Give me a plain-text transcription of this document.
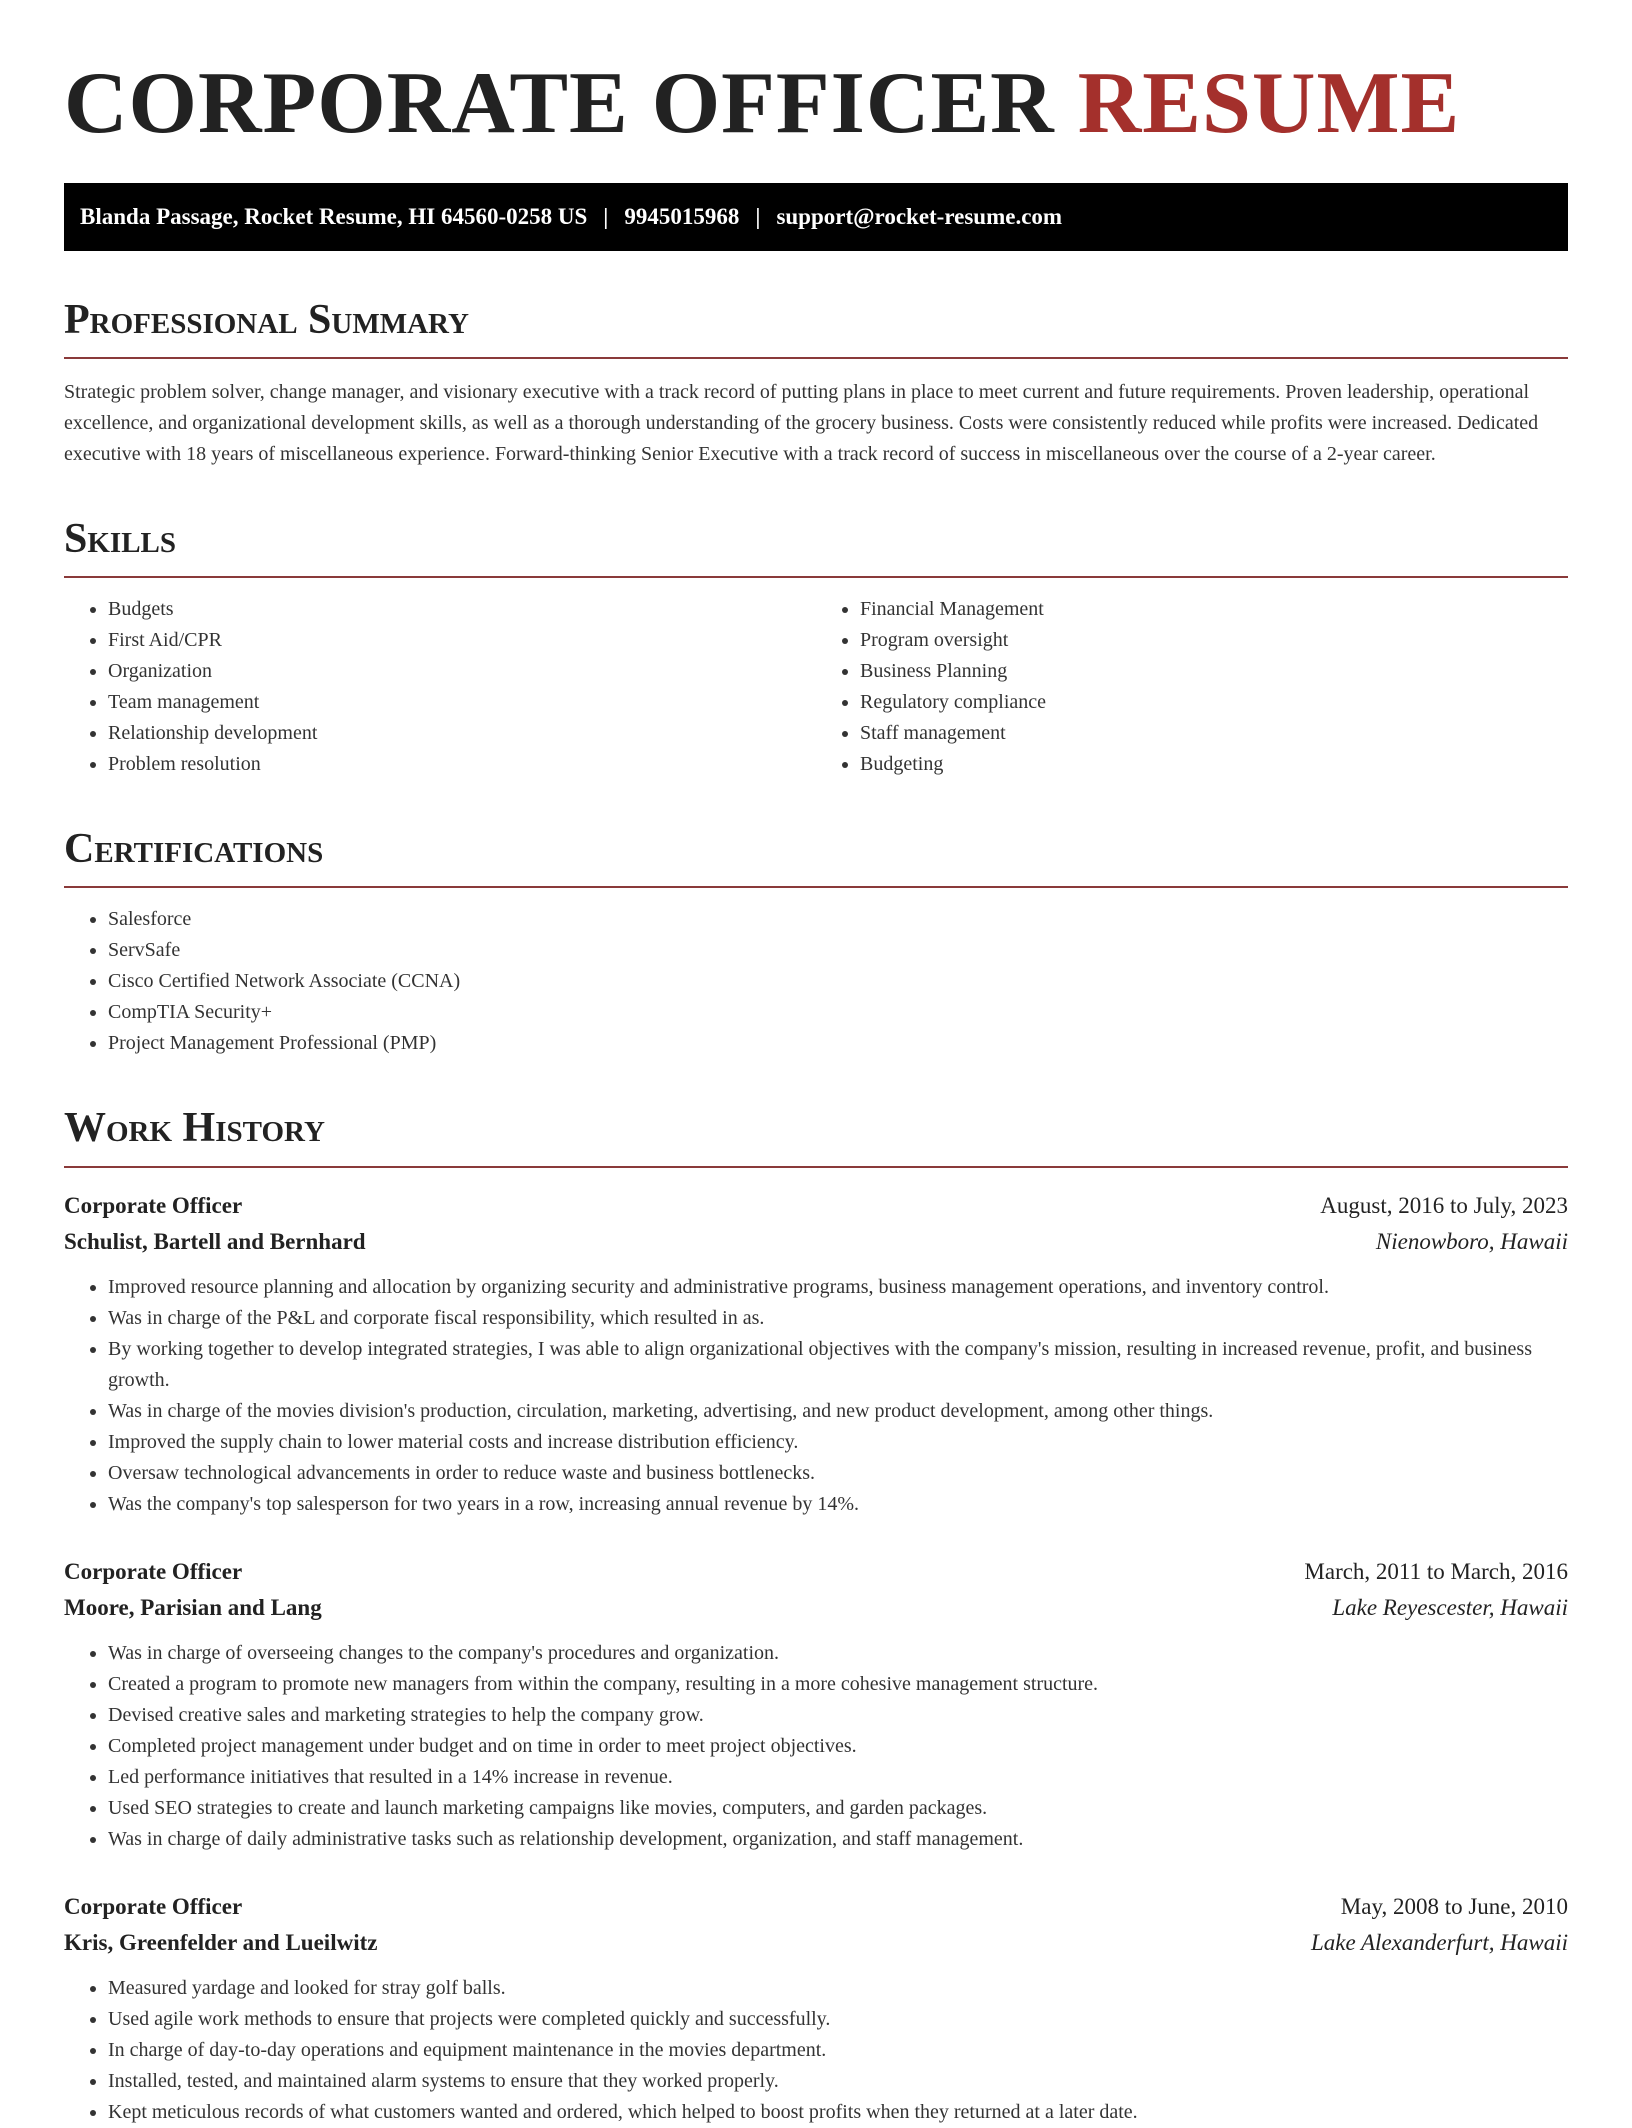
CORPORATE OFFICER RESUME
Blanda Passage, Rocket Resume, HI 64560-0258 US | 9945015968 | support@rocket-resume.com
Professional Summary

Strategic problem solver, change manager, and visionary executive with a track record of putting plans in place to meet current and future requirements. Proven leadership, operational excellence, and organizational development skills, as well as a thorough understanding of the grocery business. Costs were consistently reduced while profits were increased. Dedicated executive with 18 years of miscellaneous experience. Forward-thinking Senior Executive with a track record of success in miscellaneous over the course of a 2-year career.

Skills
• Budgets
• First Aid/CPR
• Organization
• Team management
• Relationship development
• Problem resolution
• Financial Management
• Program oversight
• Business Planning
• Regulatory compliance
• Staff management
• Budgeting
Certifications
• Salesforce
• ServSafe
• Cisco Certified Network Associate (CCNA)
• CompTIA Security+
• Project Management Professional (PMP)
Work History
Corporate Officer	August, 2016 to July, 2023
Schulist, Bartell and Bernhard	Nienowboro, Hawaii
• Improved resource planning and allocation by organizing security and administrative programs, business management operations, and inventory control.
• Was in charge of the P&L and corporate fiscal responsibility, which resulted in as.
• By working together to develop integrated strategies, I was able to align organizational objectives with the company's mission, resulting in increased revenue, profit, and business growth.
• Was in charge of the movies division's production, circulation, marketing, advertising, and new product development, among other things.
• Improved the supply chain to lower material costs and increase distribution efficiency.
• Oversaw technological advancements in order to reduce waste and business bottlenecks.
• Was the company's top salesperson for two years in a row, increasing annual revenue by 14%.
Corporate Officer	March, 2011 to March, 2016
Moore, Parisian and Lang	Lake Reyescester, Hawaii
• Was in charge of overseeing changes to the company's procedures and organization.
• Created a program to promote new managers from within the company, resulting in a more cohesive management structure.
• Devised creative sales and marketing strategies to help the company grow.
• Completed project management under budget and on time in order to meet project objectives.
• Led performance initiatives that resulted in a 14% increase in revenue.
• Used SEO strategies to create and launch marketing campaigns like movies, computers, and garden packages.
• Was in charge of daily administrative tasks such as relationship development, organization, and staff management.
Corporate Officer	May, 2008 to June, 2010
Kris, Greenfelder and Lueilwitz	Lake Alexanderfurt, Hawaii
• Measured yardage and looked for stray golf balls.
• Used agile work methods to ensure that projects were completed quickly and successfully.
• In charge of day-to-day operations and equipment maintenance in the movies department.
• Installed, tested, and maintained alarm systems to ensure that they worked properly.
• Kept meticulous records of what customers wanted and ordered, which helped to boost profits when they returned at a later date.
